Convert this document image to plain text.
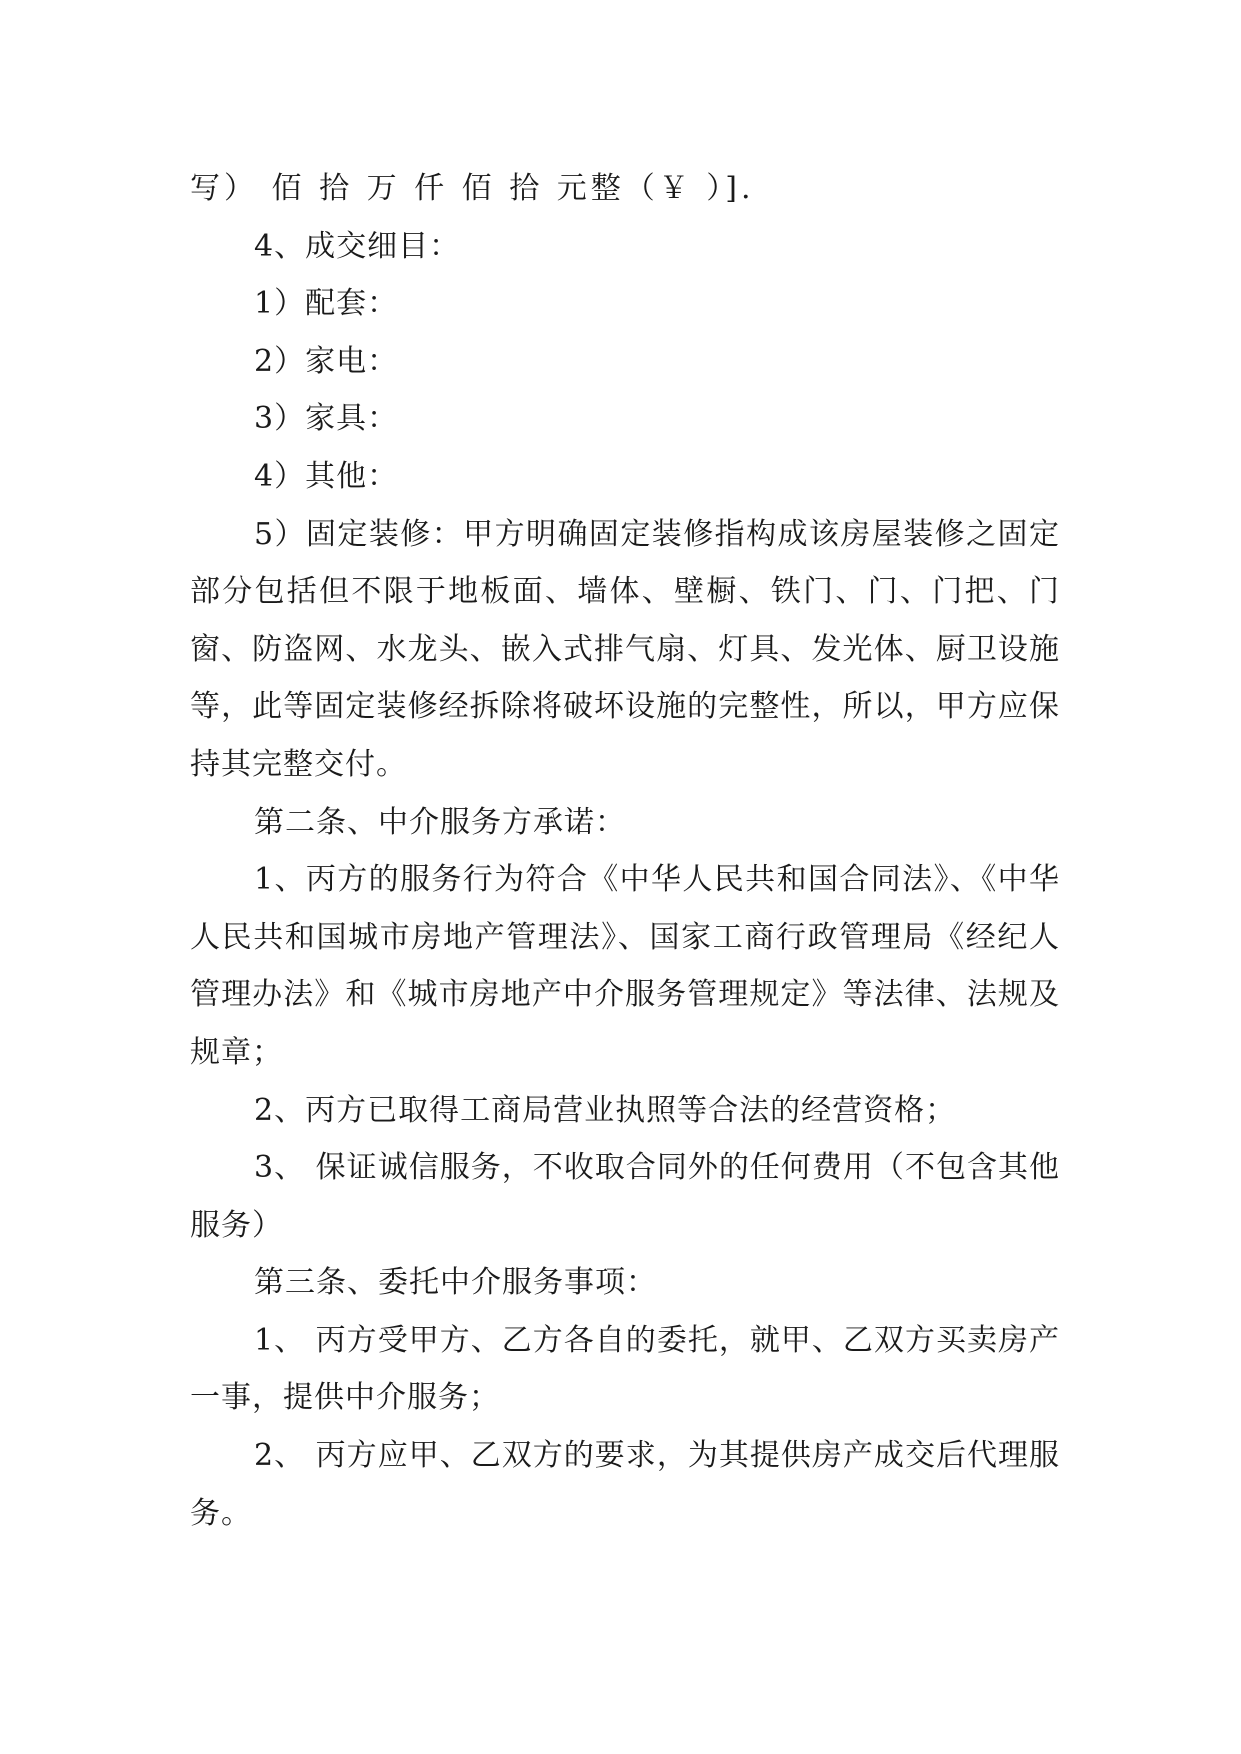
写） 佰 拾 万 仟 佰 拾 元整（￥ ）].

4、成交细目：

1）配套：

2）家电：

3）家具：

4）其他：

5）固定装修：甲方明确固定装修指构成该房屋装修之固定部分包括但不限于地板面、墙体、壁橱、铁门、门、门把、门窗、防盗网、水龙头、嵌入式排气扇、灯具、发光体、厨卫设施等，此等固定装修经拆除将破坏设施的完整性，所以，甲方应保持其完整交付。

第二条、中介服务方承诺：

1、丙方的服务行为符合《中华人民共和国合同法》、《中华人民共和国城市房地产管理法》、国家工商行政管理局《经纪人管理办法》和《城市房地产中介服务管理规定》等法律、法规及规章；

2、丙方已取得工商局营业执照等合法的经营资格；

3、 保证诚信服务，不收取合同外的任何费用（不包含其他服务）

第三条、委托中介服务事项：

1、 丙方受甲方、乙方各自的委托，就甲、乙双方买卖房产一事，提供中介服务；

2、 丙方应甲、乙双方的要求，为其提供房产成交后代理服务。
